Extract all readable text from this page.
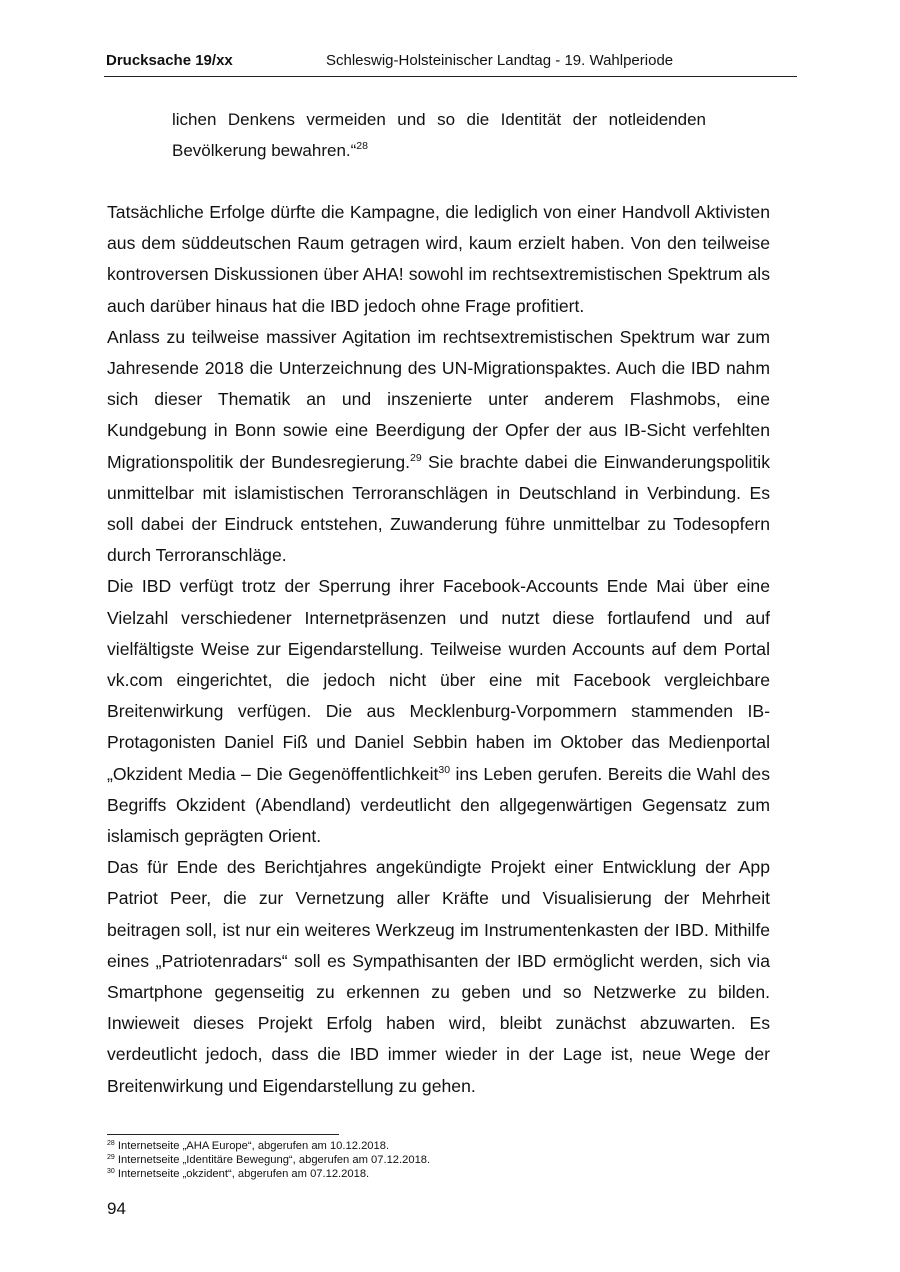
Drucksache 19/xx	Schleswig-Holsteinischer Landtag - 19. Wahlperiode
lichen Denkens vermeiden und so die Identität der notleidenden Bevölkerung bewahren.“$^{28}$

Tatsächliche Erfolge dürfte die Kampagne, die lediglich von einer Handvoll Aktivisten aus dem süddeutschen Raum getragen wird, kaum erzielt haben. Von den teilweise kontroversen Diskussionen über AHA! sowohl im rechtsextremistischen Spektrum als auch darüber hinaus hat die IBD jedoch ohne Frage profitiert.

Anlass zu teilweise massiver Agitation im rechtsextremistischen Spektrum war zum Jahresende 2018 die Unterzeichnung des UN-Migrationspaktes. Auch die IBD nahm sich dieser Thematik an und inszenierte unter anderem Flashmobs, eine Kundgebung in Bonn sowie eine Beerdigung der Opfer der aus IB-Sicht verfehlten Migrationspolitik der Bundesregierung.$^{29}$ Sie brachte dabei die Einwanderungspolitik unmittelbar mit islamistischen Terroranschlägen in Deutschland in Verbindung. Es soll dabei der Eindruck entstehen, Zuwanderung führe unmittelbar zu Todesopfern durch Terroranschläge.

Die IBD verfügt trotz der Sperrung ihrer Facebook-Accounts Ende Mai über eine Vielzahl verschiedener Internetpräsenzen und nutzt diese fortlaufend und auf vielfältigste Weise zur Eigendarstellung. Teilweise wurden Accounts auf dem Portal vk.com eingerichtet, die jedoch nicht über eine mit Facebook vergleichbare Breitenwirkung verfügen. Die aus Mecklenburg-Vorpommern stammenden IB-Protagonisten Daniel Fiß und Daniel Sebbin haben im Oktober das Medienportal „Okzident Media – Die Gegenöffentlichkeit$^{30}$ ins Leben gerufen. Bereits die Wahl des Begriffs Okzident (Abendland) verdeutlicht den allgegenwärtigen Gegensatz zum islamisch geprägten Orient.

Das für Ende des Berichtjahres angekündigte Projekt einer Entwicklung der App Patriot Peer, die zur Vernetzung aller Kräfte und Visualisierung der Mehrheit beitragen soll, ist nur ein weiteres Werkzeug im Instrumentenkasten der IBD. Mithilfe eines „Patriotenradars“ soll es Sympathisanten der IBD ermöglicht werden, sich via Smartphone gegenseitig zu erkennen zu geben und so Netzwerke zu bilden. Inwieweit dieses Projekt Erfolg haben wird, bleibt zunächst abzuwarten. Es verdeutlicht jedoch, dass die IBD immer wieder in der Lage ist, neue Wege der Breitenwirkung und Eigendarstellung zu gehen.

$^{28}$ Internetseite „AHA Europe“, abgerufen am 10.12.2018.
$^{29}$ Internetseite „Identitäre Bewegung“, abgerufen am 07.12.2018.
$^{30}$ Internetseite „okzident“, abgerufen am 07.12.2018.
94
